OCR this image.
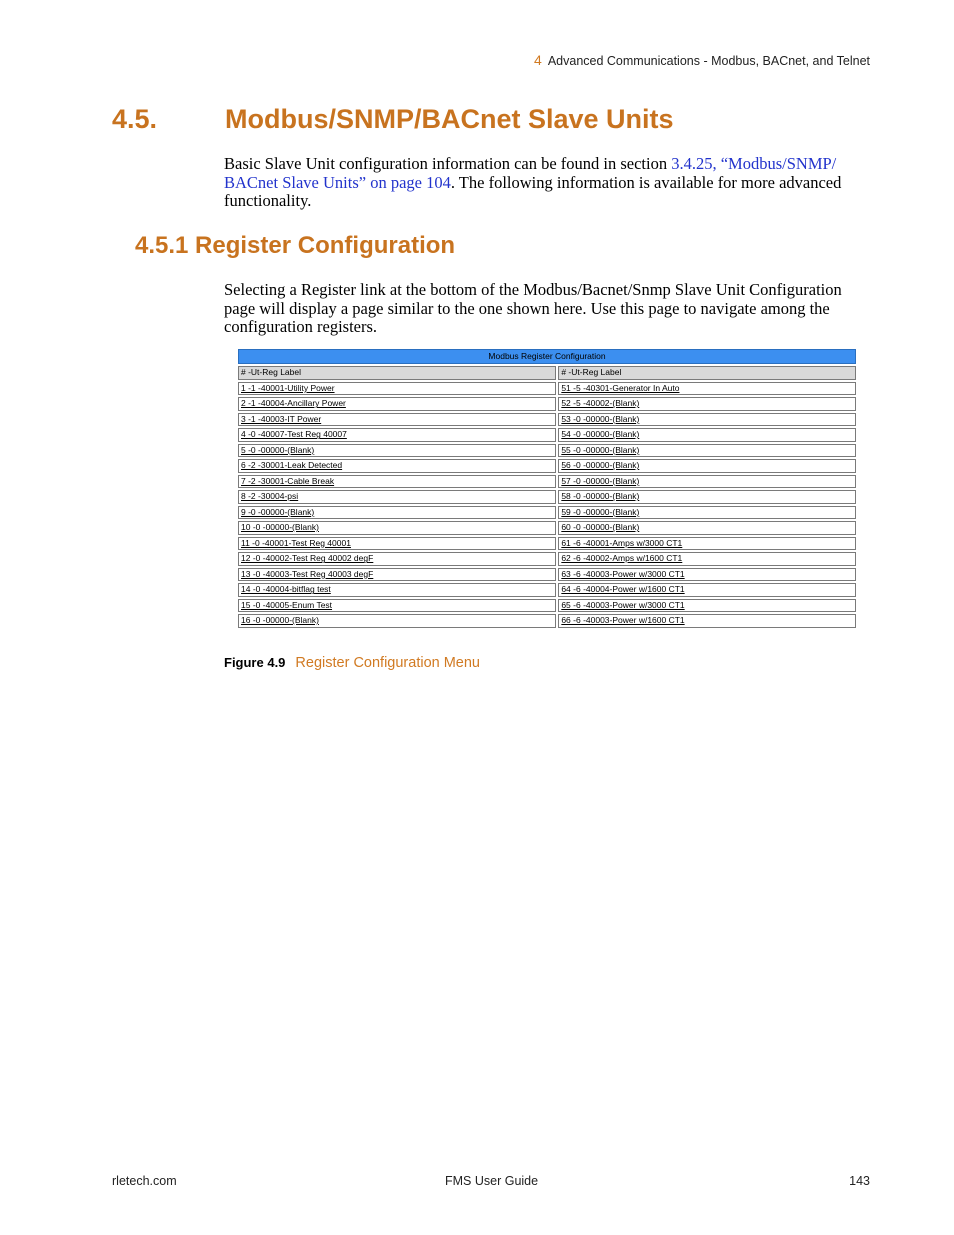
4 Advanced Communications - Modbus, BACnet, and Telnet
4.5.	Modbus/SNMP/BACnet Slave Units
Basic Slave Unit configuration information can be found in section 3.4.25, “Modbus/SNMP/ BACnet Slave Units” on page 104. The following information is available for more advanced functionality.
4.5.1 Register Configuration
Selecting a Register link at the bottom of the Modbus/Bacnet/Snmp Slave Unit Configuration page will display a page similar to the one shown here. Use this page to navigate among the configuration registers.
Modbus Register Configuration	
# -Ut-Reg Label	# -Ut-Reg Label
1 -1 -40001-Utility Power	51 -5 -40301-Generator In Auto
2 -1 -40004-Ancillary Power	52 -5 -40002-(Blank)
3 -1 -40003-IT Power	53 -0 -00000-(Blank)
4 -0 -40007-Test Reg 40007	54 -0 -00000-(Blank)
5 -0 -00000-(Blank)	55 -0 -00000-(Blank)
6 -2 -30001-Leak Detected	56 -0 -00000-(Blank)
7 -2 -30001-Cable Break	57 -0 -00000-(Blank)
8 -2 -30004-psi	58 -0 -00000-(Blank)
9 -0 -00000-(Blank)	59 -0 -00000-(Blank)
10 -0 -00000-(Blank)	60 -0 -00000-(Blank)
11 -0 -40001-Test Reg 40001	61 -6 -40001-Amps w/3000 CT1
12 -0 -40002-Test Reg 40002 degF	62 -6 -40002-Amps w/1600 CT1
13 -0 -40003-Test Reg 40003 degF	63 -6 -40003-Power w/3000 CT1
14 -0 -40004-bitflag test	64 -6 -40004-Power w/1600 CT1
15 -0 -40005-Enum Test	65 -6 -40003-Power w/3000 CT1
16 -0 -00000-(Blank)	66 -6 -40003-Power w/1600 CT1
Figure 4.9 Register Configuration Menu
rletech.com	FMS User Guide	143
